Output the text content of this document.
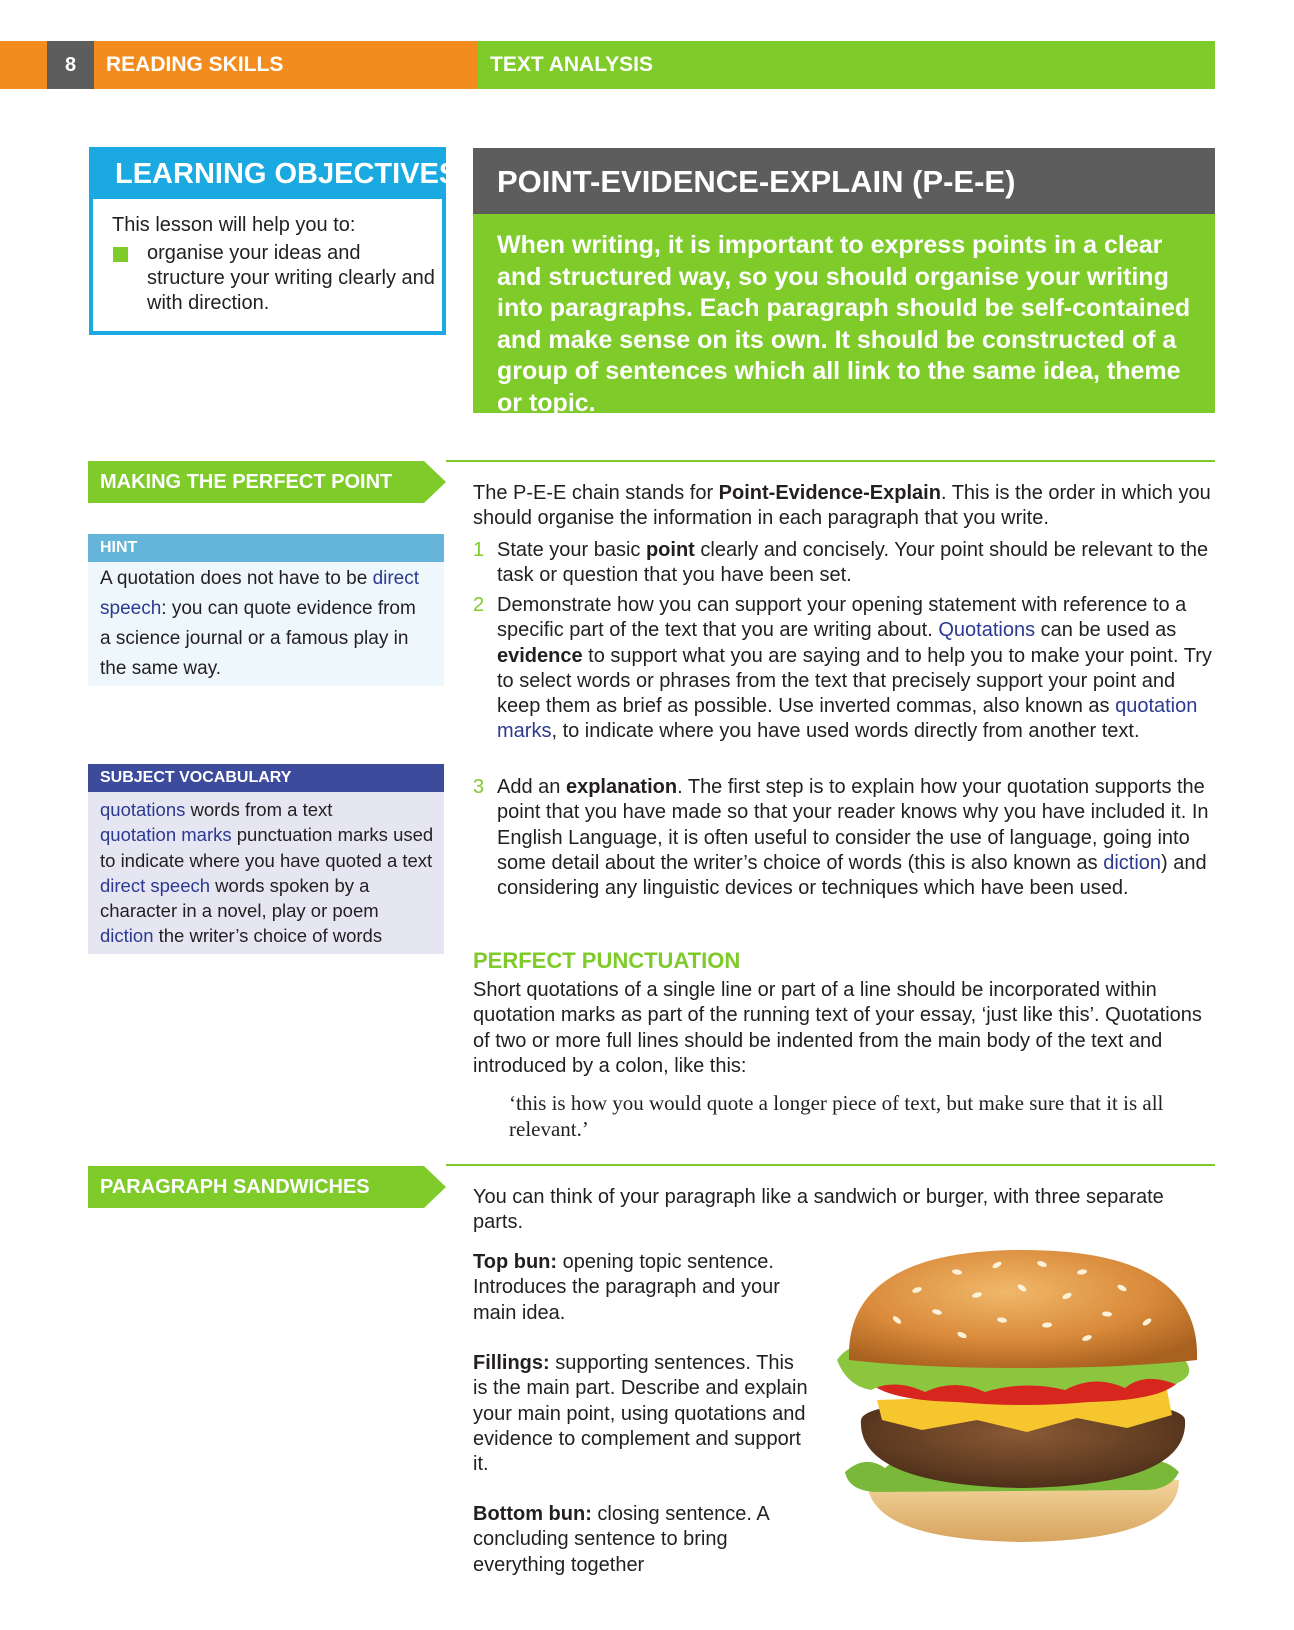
8	READING SKILLS	TEXT ANALYSIS
LEARNING OBJECTIVES
This lesson will help you to:
organise your ideas and structure your writing clearly and with direction.
POINT-EVIDENCE-EXPLAIN (P-E-E)
When writing, it is important to express points in a clear and structured way, so you should organise your writing into paragraphs. Each paragraph should be self-contained and make sense on its own. It should be constructed of a group of sentences which all link to the same idea, theme or topic.
MAKING THE PERFECT POINT
HINT
A quotation does not have to be direct speech: you can quote evidence from a science journal or a famous play in the same way.
SUBJECT VOCABULARY
quotations words from a text
quotation marks punctuation marks used to indicate where you have quoted a text
direct speech words spoken by a character in a novel, play or poem
diction the writer’s choice of words
The P-E-E chain stands for Point-Evidence-Explain. This is the order in which you should organise the information in each paragraph that you write.
1 State your basic point clearly and concisely. Your point should be relevant to the task or question that you have been set.
2 Demonstrate how you can support your opening statement with reference to a specific part of the text that you are writing about. Quotations can be used as evidence to support what you are saying and to help you to make your point. Try to select words or phrases from the text that precisely support your point and keep them as brief as possible. Use inverted commas, also known as quotation marks, to indicate where you have used words directly from another text.
3 Add an explanation. The first step is to explain how your quotation supports the point that you have made so that your reader knows why you have included it. In English Language, it is often useful to consider the use of language, going into some detail about the writer’s choice of words (this is also known as diction) and considering any linguistic devices or techniques which have been used.
PERFECT PUNCTUATION
Short quotations of a single line or part of a line should be incorporated within quotation marks as part of the running text of your essay, ‘just like this’. Quotations of two or more full lines should be indented from the main body of the text and introduced by a colon, like this:
‘this is how you would quote a longer piece of text, but make sure that it is all relevant.’
PARAGRAPH SANDWICHES	You can think of your paragraph like a sandwich or burger, with three separate parts.
Top bun: opening topic sentence. Introduces the paragraph and your main idea.
Fillings: supporting sentences. This is the main part. Describe and explain your main point, using quotations and evidence to complement and support it.
Bottom bun: closing sentence. A concluding sentence to bring everything together
